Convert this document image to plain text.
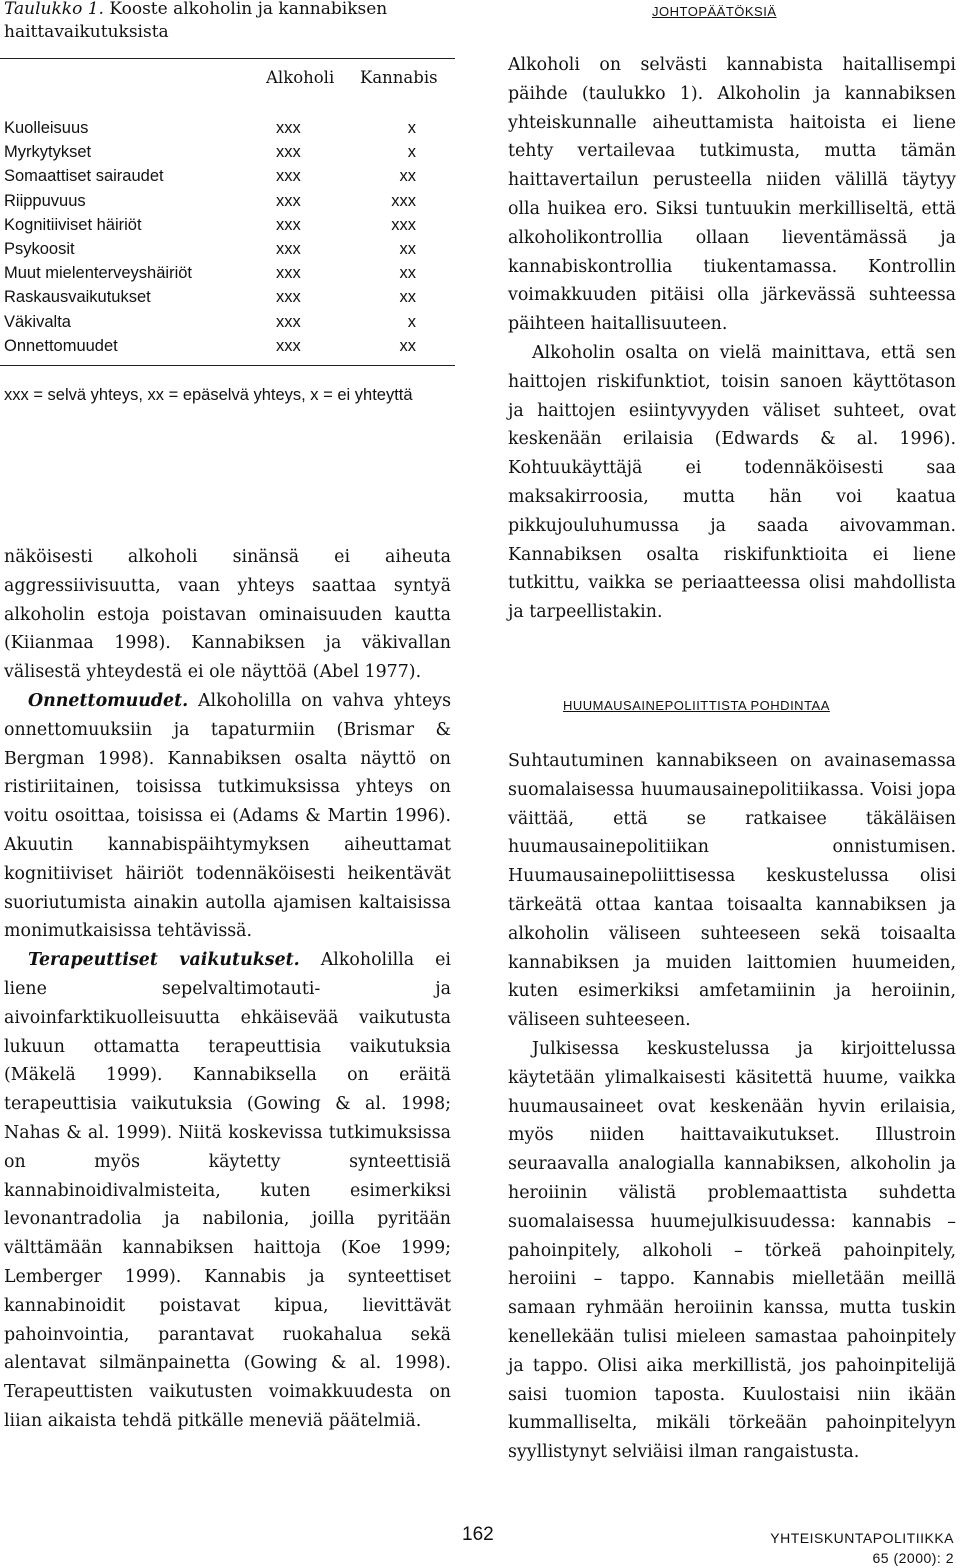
Taulukko 1. Kooste alkoholin ja kannabiksen haittavaikutuksista
Alkoholi Kannabis
Kuolleisuus	xxx	x
Myrkytykset	xxx	x
Somaattiset sairaudet	xxx	xx
Riippuvuus	xxx	xxx
Kognitiiviset häiriöt	xxx	xxx
Psykoosit	xxx	xx
Muut mielenterveyshäiriöt	xxx	xx
Raskausvaikutukset	xxx	xx
Väkivalta	xxx	x
Onnettomuudet	xxx	xx
xxx = selvä yhteys, xx = epäselvä yhteys, x = ei yhteyttä

näköisesti alkoholi sinänsä ei aiheuta aggressiivisuutta, vaan yhteys saattaa syntyä alkoholin estoja poistavan ominaisuuden kautta (Kiianmaa 1998). Kannabiksen ja väkivallan välisestä yhteydestä ei ole näyttöä (Abel 1977).

Onnettomuudet. Alkoholilla on vahva yhteys onnettomuuksiin ja tapaturmiin (Brismar & Bergman 1998). Kannabiksen osalta näyttö on ristiriitainen, toisissa tutkimuksissa yhteys on voitu osoittaa, toisissa ei (Adams & Martin 1996). Akuutin kannabispäihtymyksen aiheuttamat kognitiiviset häiriöt todennäköisesti heikentävät suoriutumista ainakin autolla ajamisen kaltaisissa monimutkaisissa tehtävissä.

Terapeuttiset vaikutukset. Alkoholilla ei liene sepelvaltimotauti- ja aivoinfarktikuolleisuutta ehkäisevää vaikutusta lukuun ottamatta terapeuttisia vaikutuksia (Mäkelä 1999). Kannabiksella on eräitä terapeuttisia vaikutuksia (Gowing & al. 1998; Nahas & al. 1999). Niitä koskevissa tutkimuksissa on myös käytetty synteettisiä kannabinoidivalmisteita, kuten esimerkiksi levonantradolia ja nabilonia, joilla pyritään välttämään kannabiksen haittoja (Koe 1999; Lemberger 1999). Kannabis ja synteettiset kannabinoidit poistavat kipua, lievittävät pahoinvointia, parantavat ruokahalua sekä alentavat silmänpainetta (Gowing & al. 1998). Terapeuttisten vaikutusten voimakkuudesta on liian aikaista tehdä pitkälle meneviä päätelmiä.

JOHTOPÄÄTÖKSIÄ

Alkoholi on selvästi kannabista haitallisempi päihde (taulukko 1). Alkoholin ja kannabiksen yhteiskunnalle aiheuttamista haitoista ei liene tehty vertailevaa tutkimusta, mutta tämän haittavertailun perusteella niiden välillä täytyy olla huikea ero. Siksi tuntuukin merkilliseltä, että alkoholikontrollia ollaan lieventämässä ja kannabiskontrollia tiukentamassa. Kontrollin voimakkuuden pitäisi olla järkevässä suhteessa päihteen haitallisuuteen.

Alkoholin osalta on vielä mainittava, että sen haittojen riskifunktiot, toisin sanoen käyttötason ja haittojen esiintyvyyden väliset suhteet, ovat keskenään erilaisia (Edwards & al. 1996). Kohtuukäyttäjä ei todennäköisesti saa maksakirroosia, mutta hän voi kaatua pikkujouluhumussa ja saada aivovamman. Kannabiksen osalta riskifunktioita ei liene tutkittu, vaikka se periaatteessa olisi mahdollista ja tarpeellistakin.

HUUMAUSAINEPOLIITTISTA POHDINTAA

Suhtautuminen kannabikseen on avainasemassa suomalaisessa huumausainepolitiikassa. Voisi jopa väittää, että se ratkaisee täkäläisen huumausainepolitiikan onnistumisen. Huumausainepoliittisessa keskustelussa olisi tärkeätä ottaa kantaa toisaalta kannabiksen ja alkoholin väliseen suhteeseen sekä toisaalta kannabiksen ja muiden laittomien huumeiden, kuten esimerkiksi amfetamiinin ja heroiinin, väliseen suhteeseen.

Julkisessa keskustelussa ja kirjoittelussa käytetään ylimalkaisesti käsitettä huume, vaikka huumausaineet ovat keskenään hyvin erilaisia, myös niiden haittavaikutukset. Illustroin seuraavalla analogialla kannabiksen, alkoholin ja heroiinin välistä problemaattista suhdetta suomalaisessa huumejulkisuudessa: kannabis – pahoinpitely, alkoholi – törkeä pahoinpitely, heroiini – tappo. Kannabis mielletään meillä samaan ryhmään heroiinin kanssa, mutta tuskin kenellekään tulisi mieleen samastaa pahoinpitely ja tappo. Olisi aika merkillistä, jos pahoinpitelijä saisi tuomion taposta. Kuulostaisi niin ikään kummalliselta, mikäli törkeään pahoinpitelyyn syyllistynyt selviäisi ilman rangaistusta.

162	YHTEISKUNTAPOLITIIKKA
65 (2000): 2
